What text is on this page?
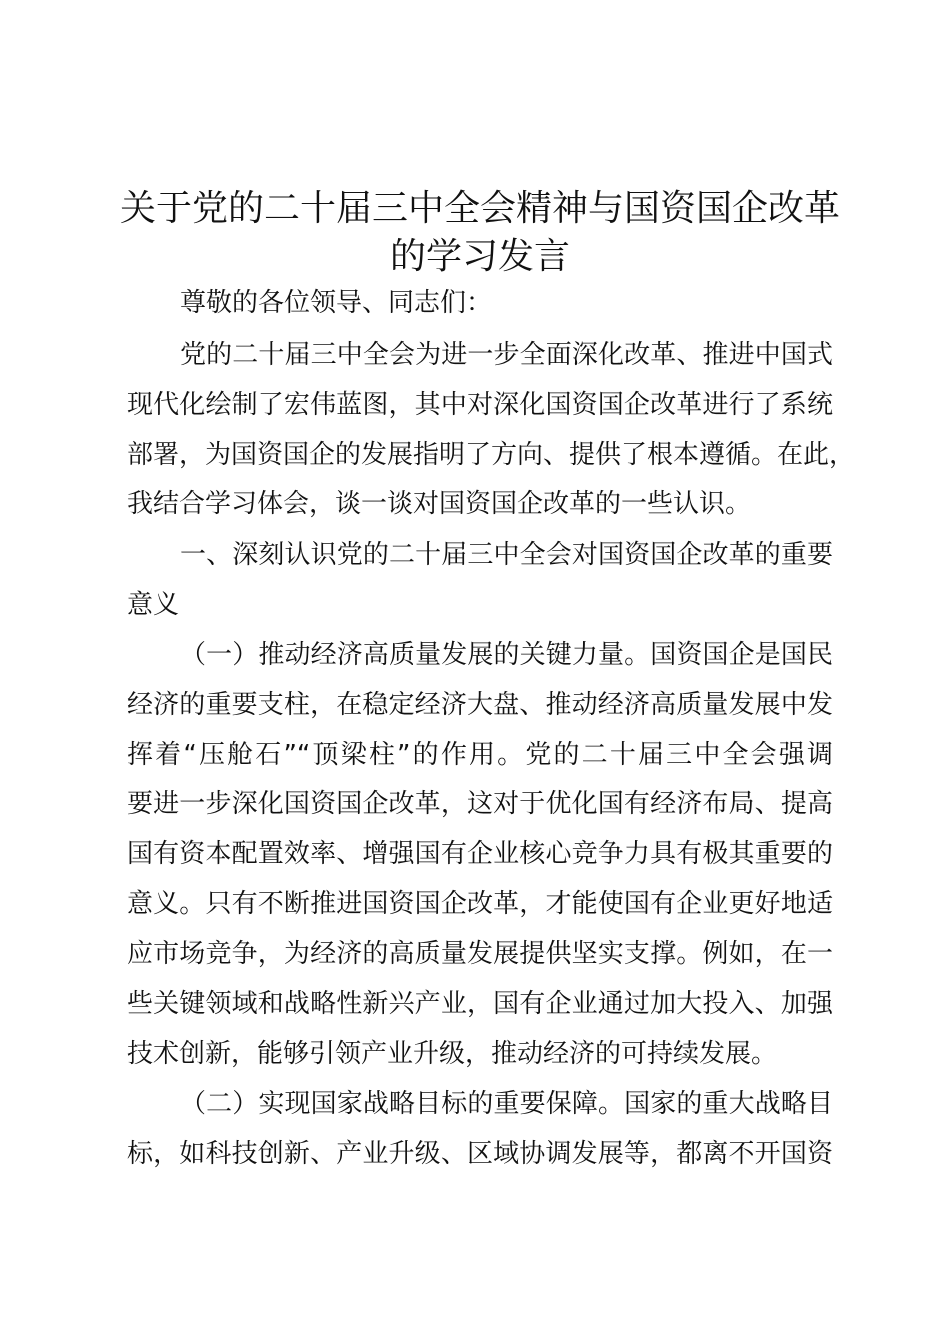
关于党的二十届三中全会精神与国资国企改革
的学习发言

尊敬的各位领导、同志们：

党的二十届三中全会为进一步全面深化改革、推进中国式

现代化绘制了宏伟蓝图，其中对深化国资国企改革进行了系统

部署，为国资国企的发展指明了方向、提供了根本遵循。在此，

我结合学习体会，谈一谈对国资国企改革的一些认识。

一、深刻认识党的二十届三中全会对国资国企改革的重要

意义

（一）推动经济高质量发展的关键力量。国资国企是国民

经济的重要支柱，在稳定经济大盘、推动经济高质量发展中发

挥着“压舱石”“顶梁柱”的作用。党的二十届三中全会强调

要进一步深化国资国企改革，这对于优化国有经济布局、提高

国有资本配置效率、增强国有企业核心竞争力具有极其重要的

意义。只有不断推进国资国企改革，才能使国有企业更好地适

应市场竞争，为经济的高质量发展提供坚实支撑。例如，在一

些关键领域和战略性新兴产业，国有企业通过加大投入、加强

技术创新，能够引领产业升级，推动经济的可持续发展。

（二）实现国家战略目标的重要保障。国家的重大战略目

标，如科技创新、产业升级、区域协调发展等，都离不开国资
